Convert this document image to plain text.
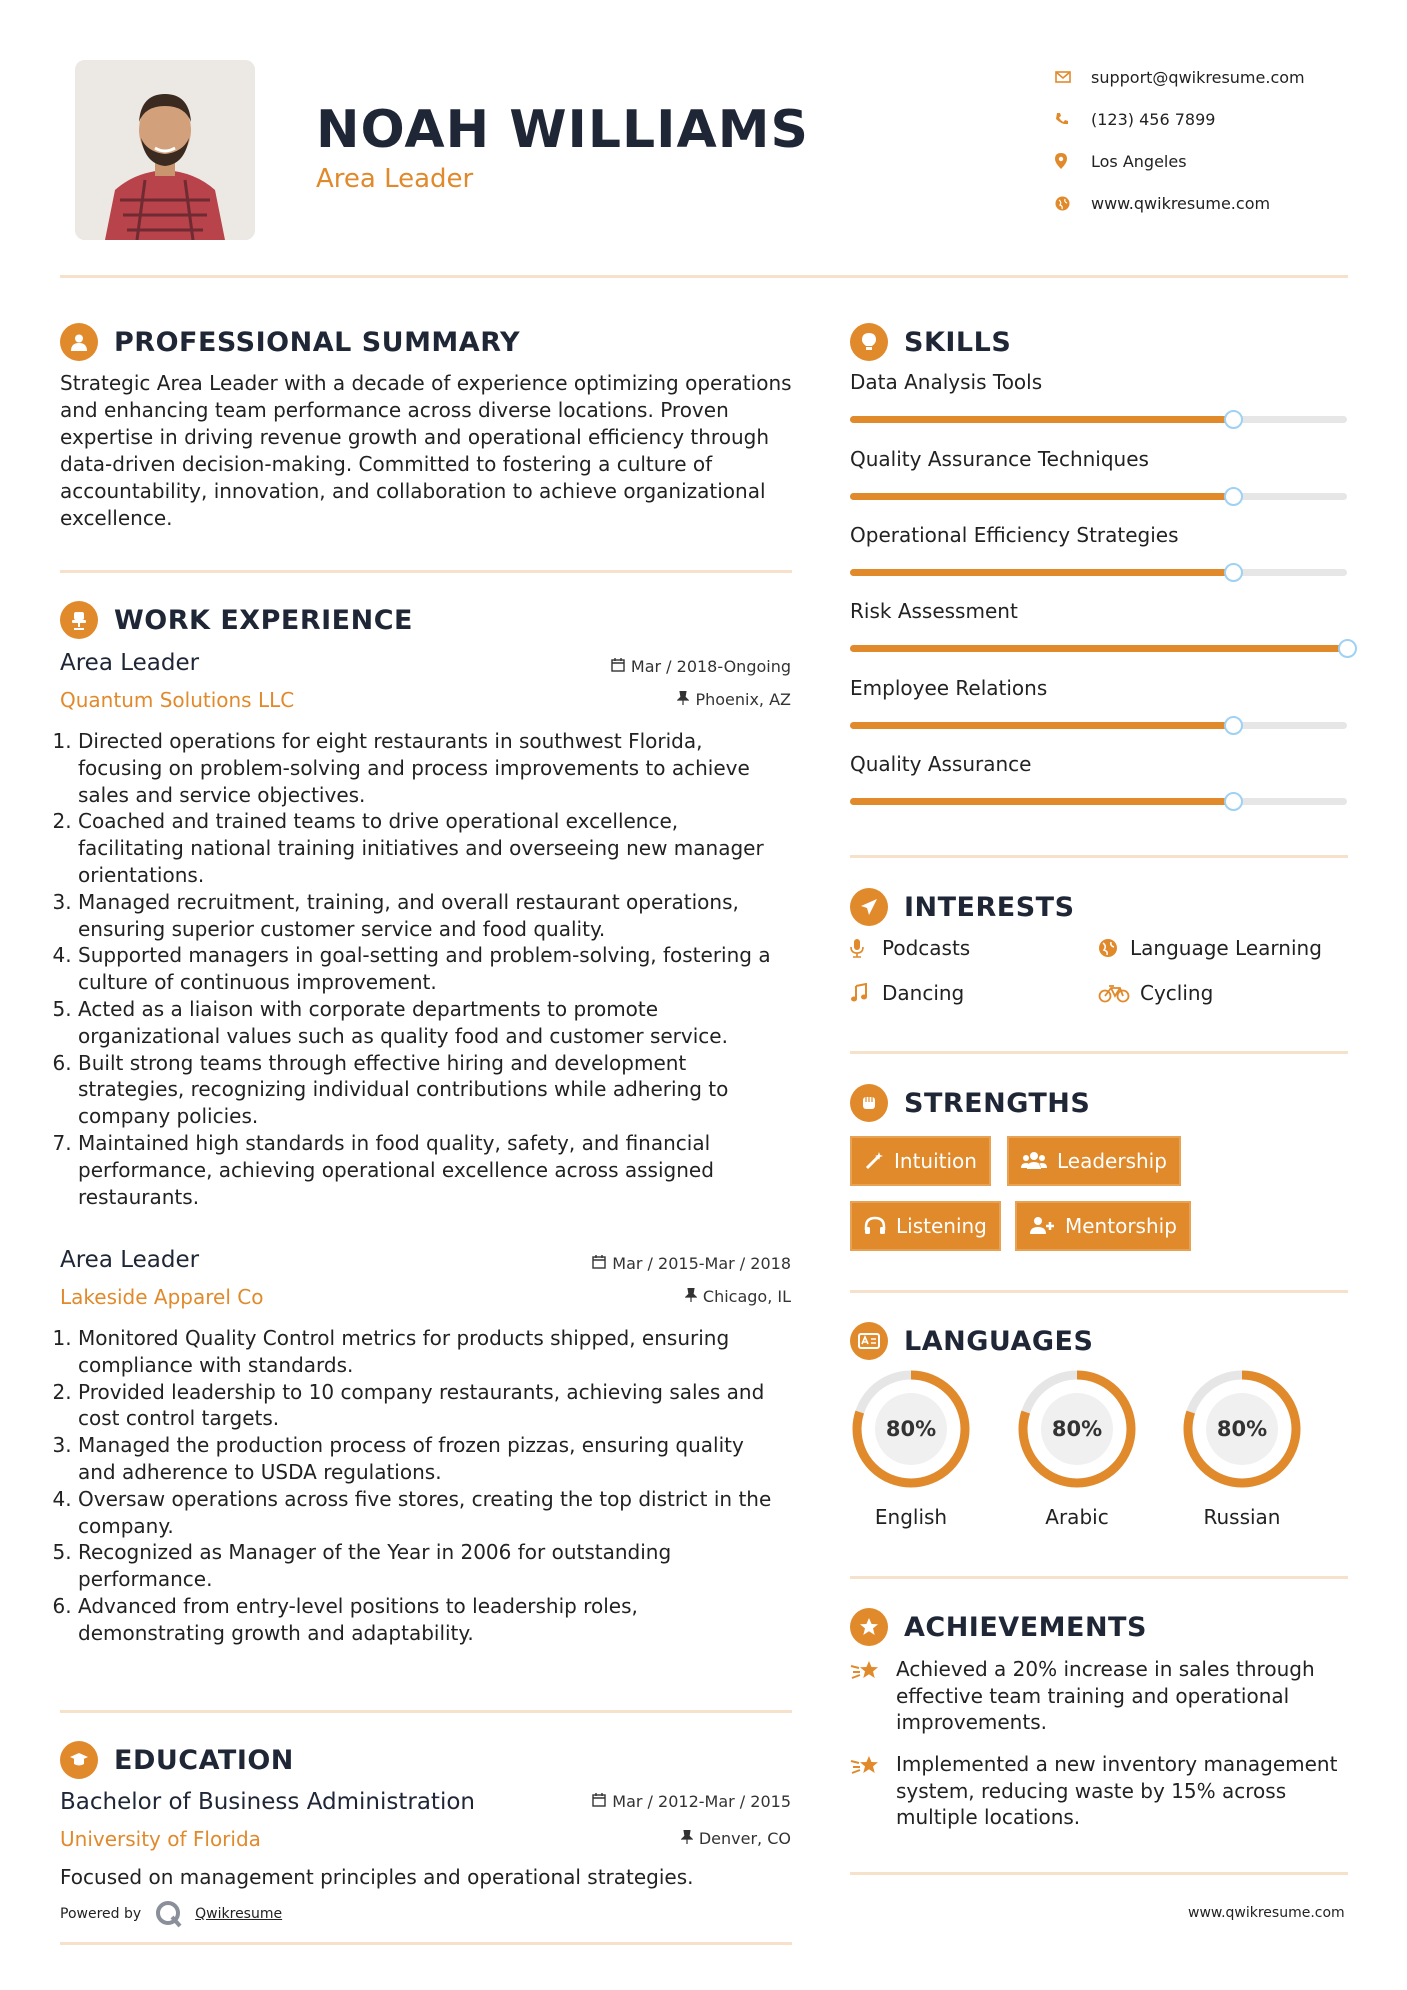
NOAH WILLIAMS
Area Leader
support@qwikresume.com
(123) 456 7899
Los Angeles
www.qwikresume.com
PROFESSIONAL SUMMARY
Strategic Area Leader with a decade of experience optimizing operations and enhancing team performance across diverse locations. Proven expertise in driving revenue growth and operational efficiency through data-driven decision-making. Committed to fostering a culture of accountability, innovation, and collaboration to achieve organizational excellence.
WORK EXPERIENCE
Area Leader
Quantum Solutions LLC
Mar / 2018-Ongoing
Phoenix, AZ
1. Directed operations for eight restaurants in southwest Florida, focusing on problem-solving and process improvements to achieve sales and service objectives.
2. Coached and trained teams to drive operational excellence, facilitating national training initiatives and overseeing new manager orientations.
3. Managed recruitment, training, and overall restaurant operations, ensuring superior customer service and food quality.
4. Supported managers in goal-setting and problem-solving, fostering a culture of continuous improvement.
5. Acted as a liaison with corporate departments to promote organizational values such as quality food and customer service.
6. Built strong teams through effective hiring and development strategies, recognizing individual contributions while adhering to company policies.
7. Maintained high standards in food quality, safety, and financial performance, achieving operational excellence across assigned restaurants.
Area Leader
Lakeside Apparel Co
Mar / 2015-Mar / 2018
Chicago, IL
1. Monitored Quality Control metrics for products shipped, ensuring compliance with standards.
2. Provided leadership to 10 company restaurants, achieving sales and cost control targets.
3. Managed the production process of frozen pizzas, ensuring quality and adherence to USDA regulations.
4. Oversaw operations across five stores, creating the top district in the company.
5. Recognized as Manager of the Year in 2006 for outstanding performance.
6. Advanced from entry-level positions to leadership roles, demonstrating growth and adaptability.
EDUCATION
Bachelor of Business Administration
University of Florida
Mar / 2012-Mar / 2015
Denver, CO
Focused on management principles and operational strategies.
Powered by	Qwikresume
SKILLS
Data Analysis Tools
Quality Assurance Techniques
Operational Efficiency Strategies
Risk Assessment
Employee Relations
Quality Assurance
INTERESTS
Podcasts	Language Learning
Dancing	Cycling
STRENGTHS
Intuition	Leadership
Listening	Mentorship
LANGUAGES
80%
English
80%
Arabic
80%
Russian
ACHIEVEMENTS
Achieved a 20% increase in sales through effective team training and operational improvements.
Implemented a new inventory management system, reducing waste by 15% across multiple locations.
www.qwikresume.com
